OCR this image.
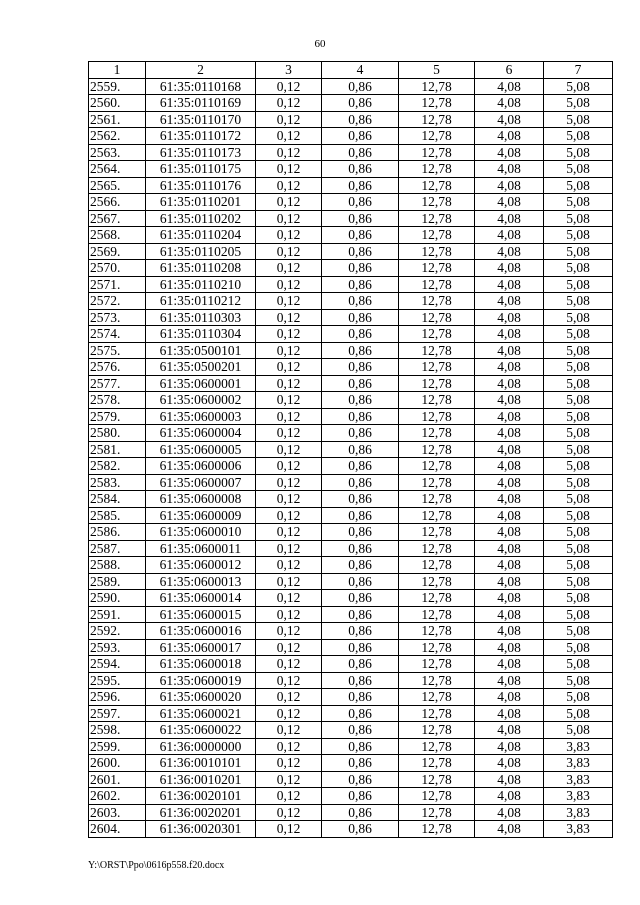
60
1	2	3	4	5	6	7
2559.	61:35:0110168	0,12	0,86	12,78	4,08	5,08
2560.	61:35:0110169	0,12	0,86	12,78	4,08	5,08
2561.	61:35:0110170	0,12	0,86	12,78	4,08	5,08
2562.	61:35:0110172	0,12	0,86	12,78	4,08	5,08
2563.	61:35:0110173	0,12	0,86	12,78	4,08	5,08
2564.	61:35:0110175	0,12	0,86	12,78	4,08	5,08
2565.	61:35:0110176	0,12	0,86	12,78	4,08	5,08
2566.	61:35:0110201	0,12	0,86	12,78	4,08	5,08
2567.	61:35:0110202	0,12	0,86	12,78	4,08	5,08
2568.	61:35:0110204	0,12	0,86	12,78	4,08	5,08
2569.	61:35:0110205	0,12	0,86	12,78	4,08	5,08
2570.	61:35:0110208	0,12	0,86	12,78	4,08	5,08
2571.	61:35:0110210	0,12	0,86	12,78	4,08	5,08
2572.	61:35:0110212	0,12	0,86	12,78	4,08	5,08
2573.	61:35:0110303	0,12	0,86	12,78	4,08	5,08
2574.	61:35:0110304	0,12	0,86	12,78	4,08	5,08
2575.	61:35:0500101	0,12	0,86	12,78	4,08	5,08
2576.	61:35:0500201	0,12	0,86	12,78	4,08	5,08
2577.	61:35:0600001	0,12	0,86	12,78	4,08	5,08
2578.	61:35:0600002	0,12	0,86	12,78	4,08	5,08
2579.	61:35:0600003	0,12	0,86	12,78	4,08	5,08
2580.	61:35:0600004	0,12	0,86	12,78	4,08	5,08
2581.	61:35:0600005	0,12	0,86	12,78	4,08	5,08
2582.	61:35:0600006	0,12	0,86	12,78	4,08	5,08
2583.	61:35:0600007	0,12	0,86	12,78	4,08	5,08
2584.	61:35:0600008	0,12	0,86	12,78	4,08	5,08
2585.	61:35:0600009	0,12	0,86	12,78	4,08	5,08
2586.	61:35:0600010	0,12	0,86	12,78	4,08	5,08
2587.	61:35:0600011	0,12	0,86	12,78	4,08	5,08
2588.	61:35:0600012	0,12	0,86	12,78	4,08	5,08
2589.	61:35:0600013	0,12	0,86	12,78	4,08	5,08
2590.	61:35:0600014	0,12	0,86	12,78	4,08	5,08
2591.	61:35:0600015	0,12	0,86	12,78	4,08	5,08
2592.	61:35:0600016	0,12	0,86	12,78	4,08	5,08
2593.	61:35:0600017	0,12	0,86	12,78	4,08	5,08
2594.	61:35:0600018	0,12	0,86	12,78	4,08	5,08
2595.	61:35:0600019	0,12	0,86	12,78	4,08	5,08
2596.	61:35:0600020	0,12	0,86	12,78	4,08	5,08
2597.	61:35:0600021	0,12	0,86	12,78	4,08	5,08
2598.	61:35:0600022	0,12	0,86	12,78	4,08	5,08
2599.	61:36:0000000	0,12	0,86	12,78	4,08	3,83
2600.	61:36:0010101	0,12	0,86	12,78	4,08	3,83
2601.	61:36:0010201	0,12	0,86	12,78	4,08	3,83
2602.	61:36:0020101	0,12	0,86	12,78	4,08	3,83
2603.	61:36:0020201	0,12	0,86	12,78	4,08	3,83
2604.	61:36:0020301	0,12	0,86	12,78	4,08	3,83
Y:\ORST\Ppo\0616p558.f20.docx
